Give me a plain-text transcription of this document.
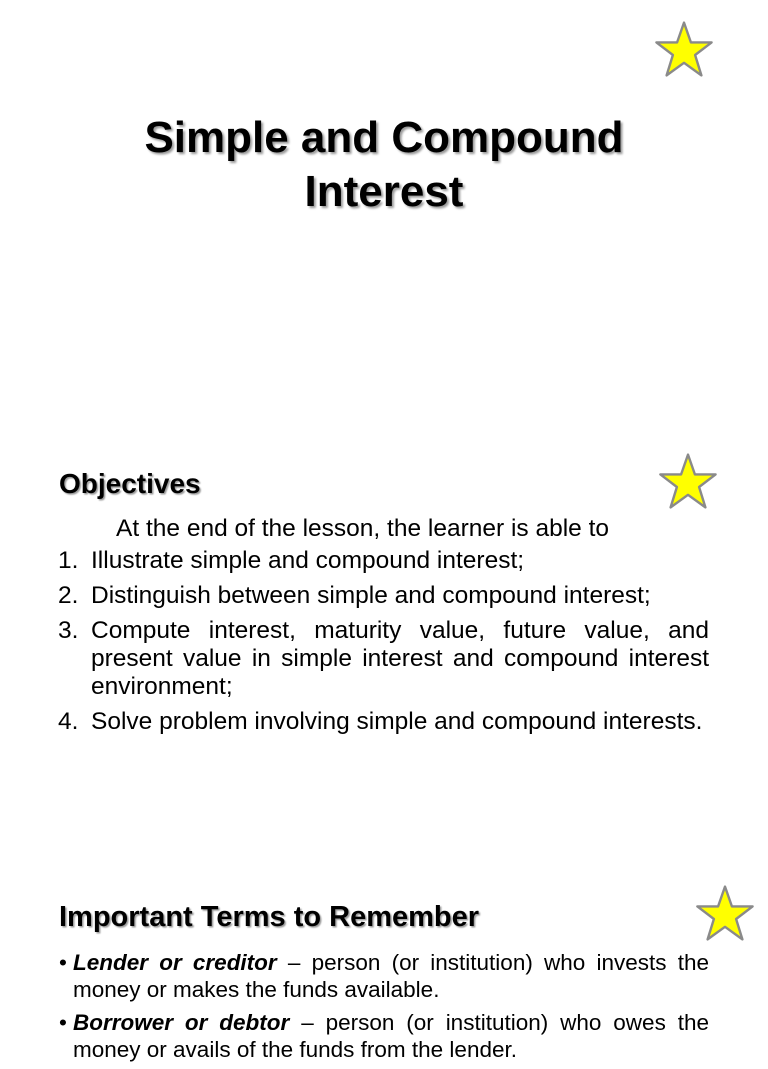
Simple and Compound
Interest
Objectives
At the end of the lesson, the learner is able to
1. Illustrate simple and compound interest;
2. Distinguish between simple and compound interest;
3. Compute interest, maturity value, future value, and present value in simple interest and compound interest environment;
4. Solve problem involving simple and compound interests.
Important Terms to Remember
• Lender or creditor – person (or institution) who invests the money or makes the funds available.
• Borrower or debtor – person (or institution) who owes the money or avails of the funds from the lender.
